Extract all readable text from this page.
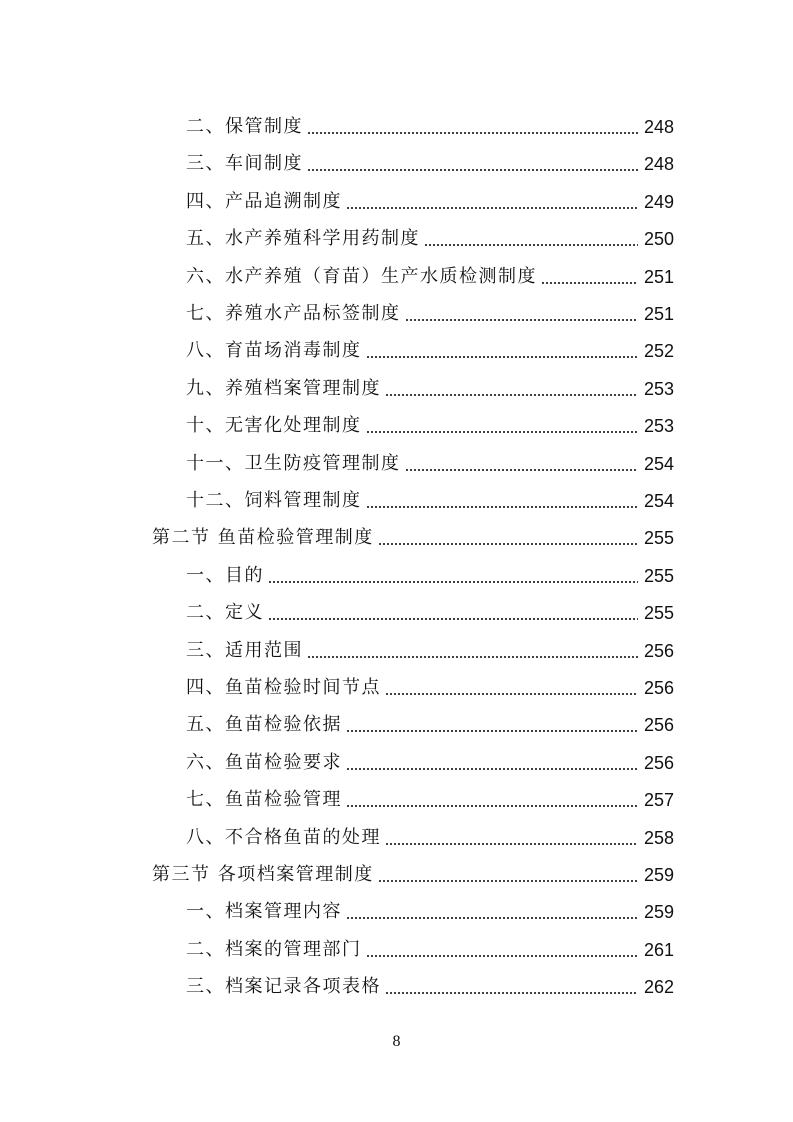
二、保管制度	248
三、车间制度	248
四、产品追溯制度	249
五、水产养殖科学用药制度	250
六、水产养殖（育苗）生产水质检测制度	251
七、养殖水产品标签制度	251
八、育苗场消毒制度	252
九、养殖档案管理制度	253
十、无害化处理制度	253
十一、卫生防疫管理制度	254
十二、饲料管理制度	254
第二节 鱼苗检验管理制度	255
一、目的	255
二、定义	255
三、适用范围	256
四、鱼苗检验时间节点	256
五、鱼苗检验依据	256
六、鱼苗检验要求	256
七、鱼苗检验管理	257
八、不合格鱼苗的处理	258
第三节 各项档案管理制度	259
一、档案管理内容	259
二、档案的管理部门	261
三、档案记录各项表格	262
8
